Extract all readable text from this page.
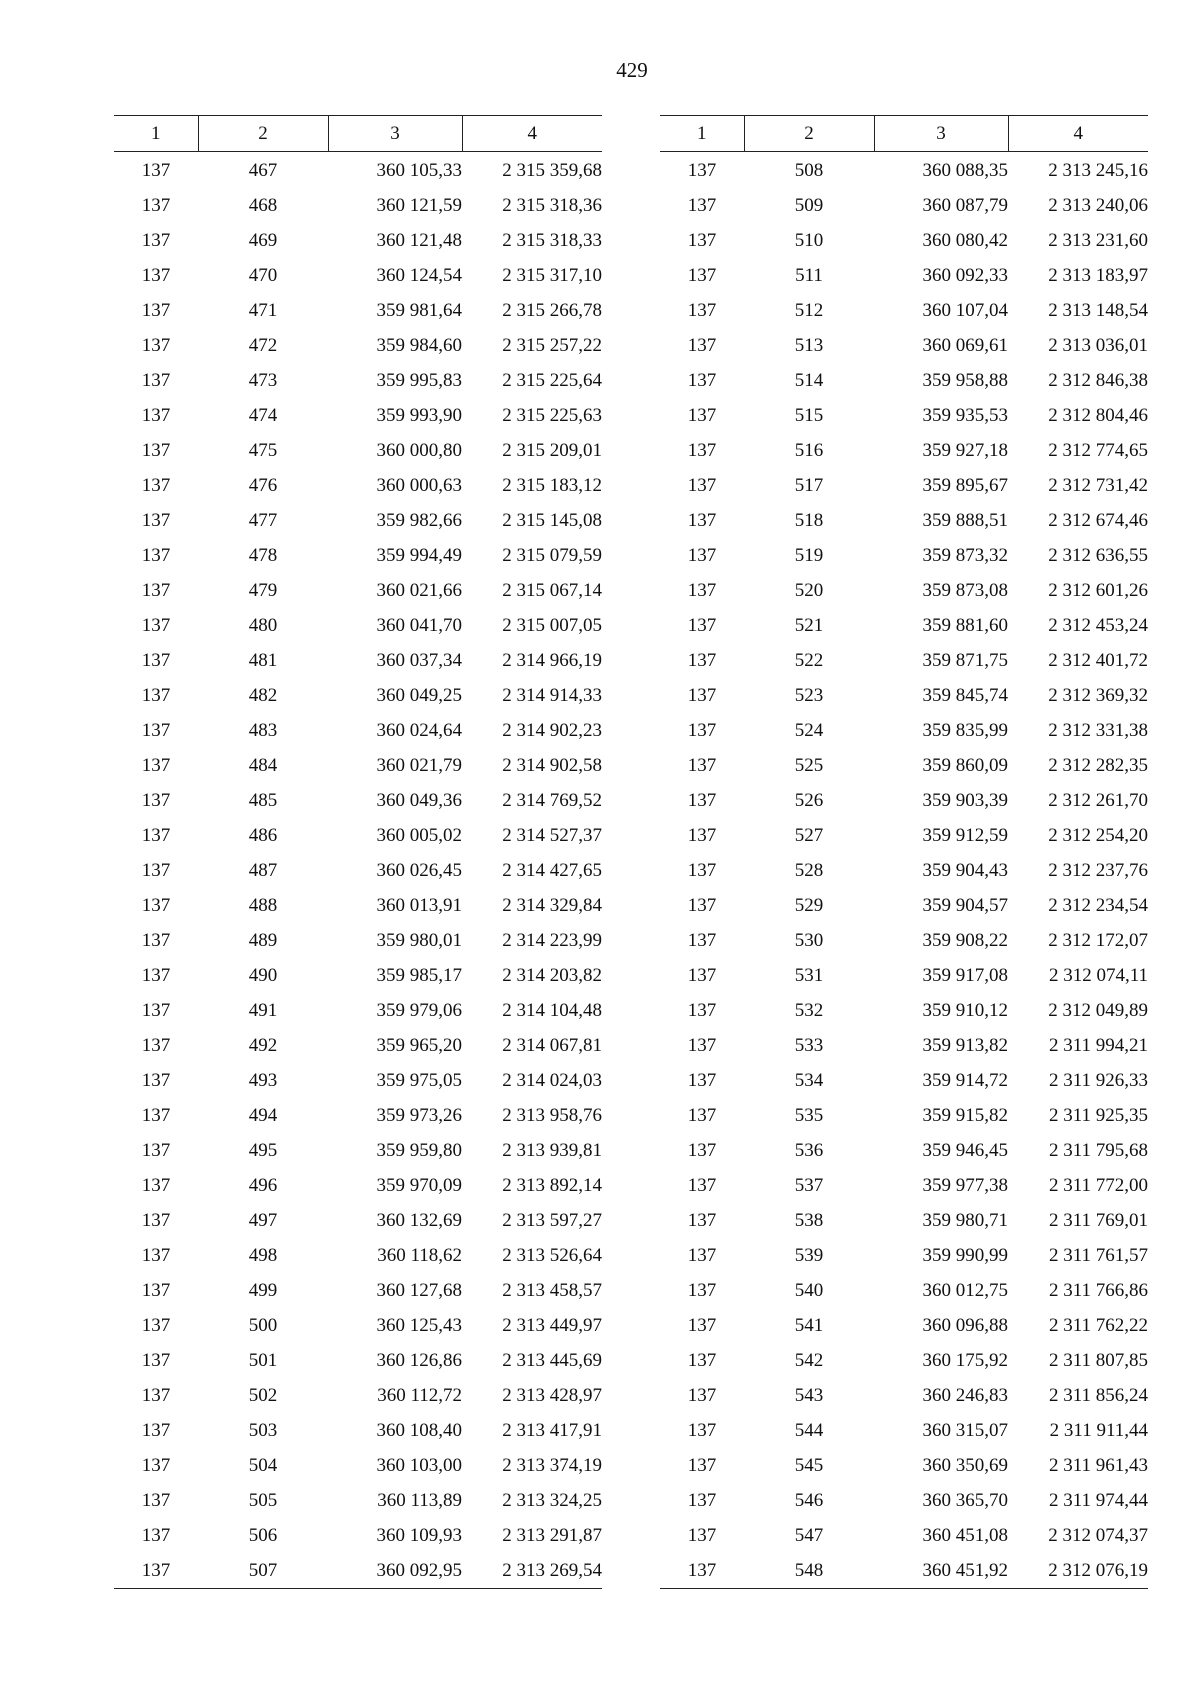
429
1	2	3	4
137	467	360 105,33	2 315 359,68
137	468	360 121,59	2 315 318,36
137	469	360 121,48	2 315 318,33
137	470	360 124,54	2 315 317,10
137	471	359 981,64	2 315 266,78
137	472	359 984,60	2 315 257,22
137	473	359 995,83	2 315 225,64
137	474	359 993,90	2 315 225,63
137	475	360 000,80	2 315 209,01
137	476	360 000,63	2 315 183,12
137	477	359 982,66	2 315 145,08
137	478	359 994,49	2 315 079,59
137	479	360 021,66	2 315 067,14
137	480	360 041,70	2 315 007,05
137	481	360 037,34	2 314 966,19
137	482	360 049,25	2 314 914,33
137	483	360 024,64	2 314 902,23
137	484	360 021,79	2 314 902,58
137	485	360 049,36	2 314 769,52
137	486	360 005,02	2 314 527,37
137	487	360 026,45	2 314 427,65
137	488	360 013,91	2 314 329,84
137	489	359 980,01	2 314 223,99
137	490	359 985,17	2 314 203,82
137	491	359 979,06	2 314 104,48
137	492	359 965,20	2 314 067,81
137	493	359 975,05	2 314 024,03
137	494	359 973,26	2 313 958,76
137	495	359 959,80	2 313 939,81
137	496	359 970,09	2 313 892,14
137	497	360 132,69	2 313 597,27
137	498	360 118,62	2 313 526,64
137	499	360 127,68	2 313 458,57
137	500	360 125,43	2 313 449,97
137	501	360 126,86	2 313 445,69
137	502	360 112,72	2 313 428,97
137	503	360 108,40	2 313 417,91
137	504	360 103,00	2 313 374,19
137	505	360 113,89	2 313 324,25
137	506	360 109,93	2 313 291,87
137	507	360 092,95	2 313 269,54
1	2	3	4
137	508	360 088,35	2 313 245,16
137	509	360 087,79	2 313 240,06
137	510	360 080,42	2 313 231,60
137	511	360 092,33	2 313 183,97
137	512	360 107,04	2 313 148,54
137	513	360 069,61	2 313 036,01
137	514	359 958,88	2 312 846,38
137	515	359 935,53	2 312 804,46
137	516	359 927,18	2 312 774,65
137	517	359 895,67	2 312 731,42
137	518	359 888,51	2 312 674,46
137	519	359 873,32	2 312 636,55
137	520	359 873,08	2 312 601,26
137	521	359 881,60	2 312 453,24
137	522	359 871,75	2 312 401,72
137	523	359 845,74	2 312 369,32
137	524	359 835,99	2 312 331,38
137	525	359 860,09	2 312 282,35
137	526	359 903,39	2 312 261,70
137	527	359 912,59	2 312 254,20
137	528	359 904,43	2 312 237,76
137	529	359 904,57	2 312 234,54
137	530	359 908,22	2 312 172,07
137	531	359 917,08	2 312 074,11
137	532	359 910,12	2 312 049,89
137	533	359 913,82	2 311 994,21
137	534	359 914,72	2 311 926,33
137	535	359 915,82	2 311 925,35
137	536	359 946,45	2 311 795,68
137	537	359 977,38	2 311 772,00
137	538	359 980,71	2 311 769,01
137	539	359 990,99	2 311 761,57
137	540	360 012,75	2 311 766,86
137	541	360 096,88	2 311 762,22
137	542	360 175,92	2 311 807,85
137	543	360 246,83	2 311 856,24
137	544	360 315,07	2 311 911,44
137	545	360 350,69	2 311 961,43
137	546	360 365,70	2 311 974,44
137	547	360 451,08	2 312 074,37
137	548	360 451,92	2 312 076,19
